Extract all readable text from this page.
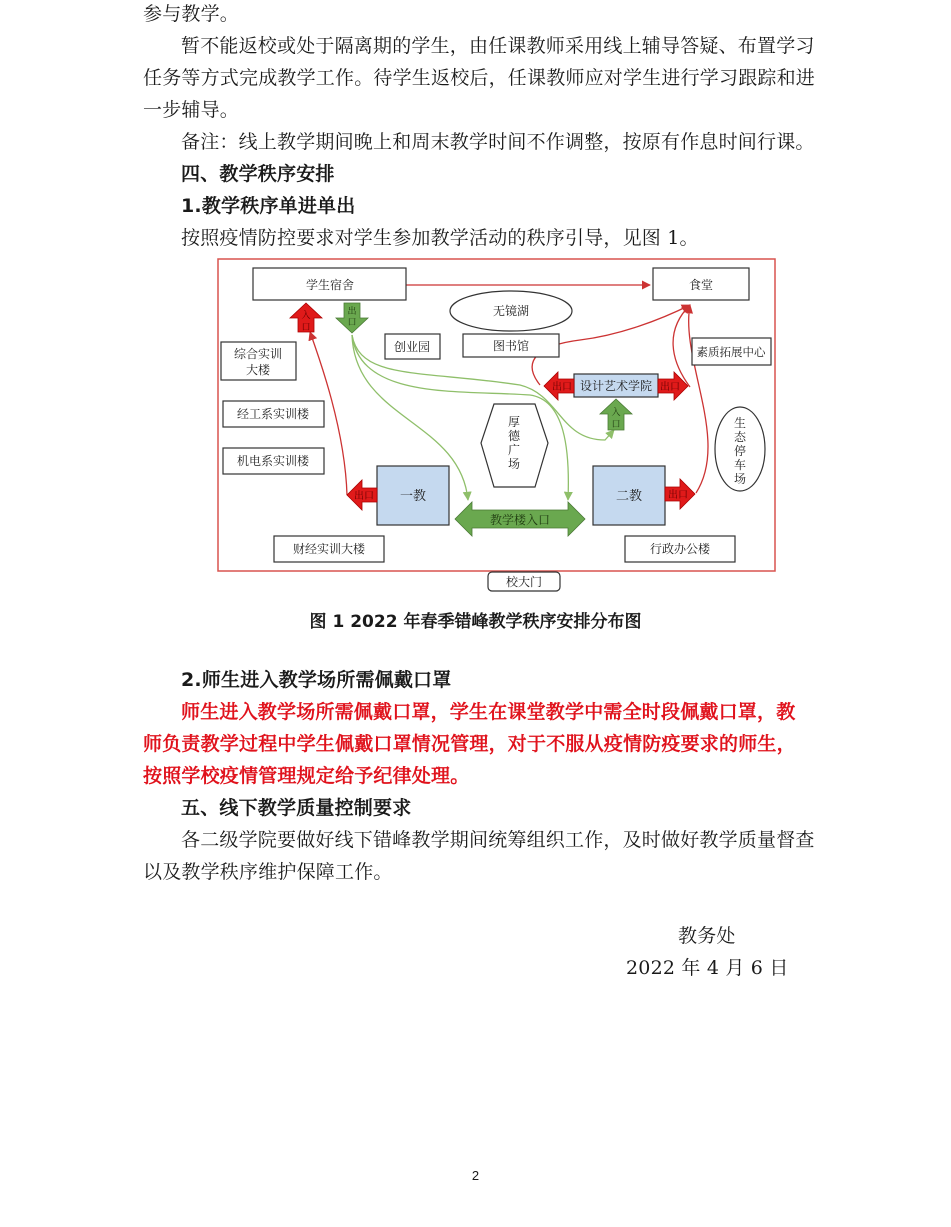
参与教学。
暂不能返校或处于隔离期的学生，由任课教师采用线上辅导答疑、布置学习
任务等方式完成教学工作。待学生返校后，任课教师应对学生进行学习跟踪和进
一步辅导。
备注：线上教学期间晚上和周末教学时间不作调整，按原有作息时间行课。
四、教学秩序安排
1.教学秩序单进单出
按照疫情防控要求对学生参加教学活动的秩序引导，见图 1。
学生宿舍	食堂
无镜湖
创业园	图书馆
综合实训
大楼
素质拓展中心
设计艺术学院
经工系实训楼
机电系实训楼
一教	二教
财经实训大楼	行政办公楼
校大门
厚
德
广
场
生
态
停
车
场
入
口
出
口
出口	出口
入
口
出口	出口
教学楼入口
图 1 2022 年春季错峰教学秩序安排分布图
2.师生进入教学场所需佩戴口罩
师生进入教学场所需佩戴口罩，学生在课堂教学中需全时段佩戴口罩，教
师负责教学过程中学生佩戴口罩情况管理，对于不服从疫情防疫要求的师生，
按照学校疫情管理规定给予纪律处理。
五、线下教学质量控制要求
各二级学院要做好线下错峰教学期间统筹组织工作，及时做好教学质量督查
以及教学秩序维护保障工作。
教务处
2022 年 4 月 6 日
2
